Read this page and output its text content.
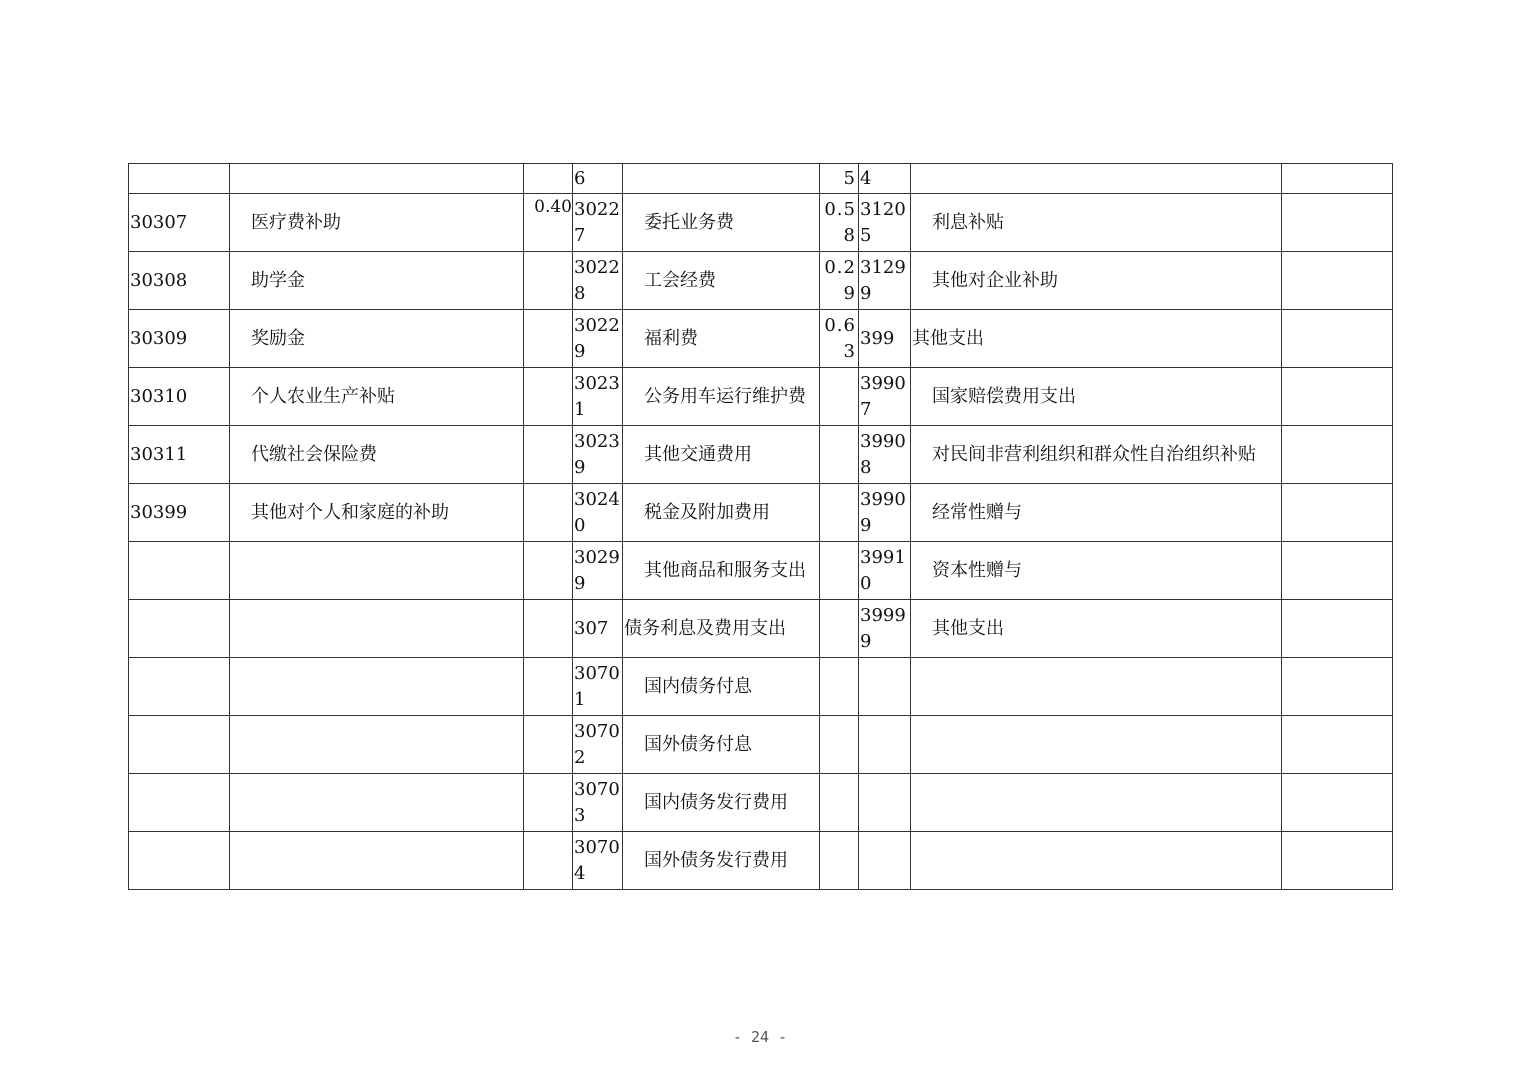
			6		5	4		
30307	医疗费补助	0.40	30227	委托业务费	0.58	31205	利息补贴	
30308	助学金		30228	工会经费	0.29	31299	其他对企业补助	
30309	奖励金		30229	福利费	0.63	399	其他支出	
30310	个人农业生产补贴		30231	公务用车运行维护费		39907	国家赔偿费用支出	
30311	代缴社会保险费		30239	其他交通费用		39908	对民间非营利组织和群众性自治组织补贴	
30399	其他对个人和家庭的补助		30240	税金及附加费用		39909	经常性赠与	
			30299	其他商品和服务支出		39910	资本性赠与	
			307	债务利息及费用支出		39999	其他支出	
			30701	国内债务付息				
			30702	国外债务付息				
			30703	国内债务发行费用				
			30704	国外债务发行费用				
- 24 -
